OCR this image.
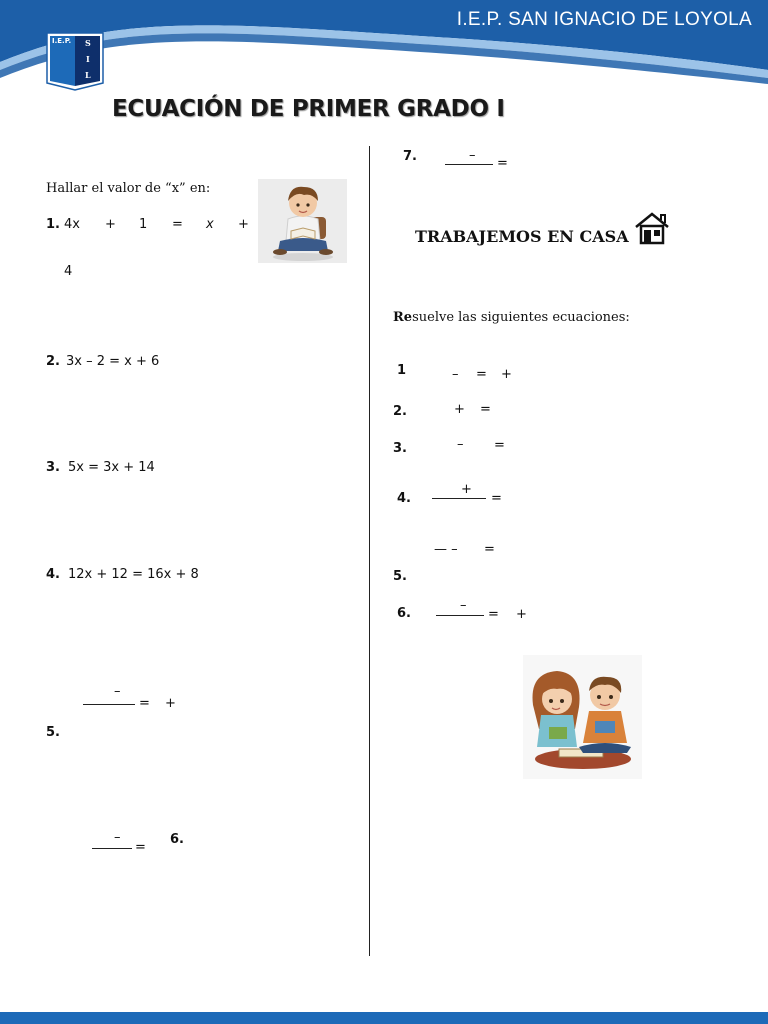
I.E.P. SAN IGNACIO DE LOYOLA
I.E.P. S
I
L
ECUACIÓN DE PRIMER GRADO I
Hallar el valor de “x” en:
1. 4x + 1 = x +
4
2. 3x – 2 = x + 6
3. 5x = 3x + 14
4. 12x + 12 = 16x + 8
–
= +
5.
–
=
6.
7.	–
=
TRABAJEMOS EN CASA
Resuelve las siguientes ecuaciones:
1	– = +
2.	+ =
3.	– =
4.
+
=
— – =
5.
6.
–
= +
